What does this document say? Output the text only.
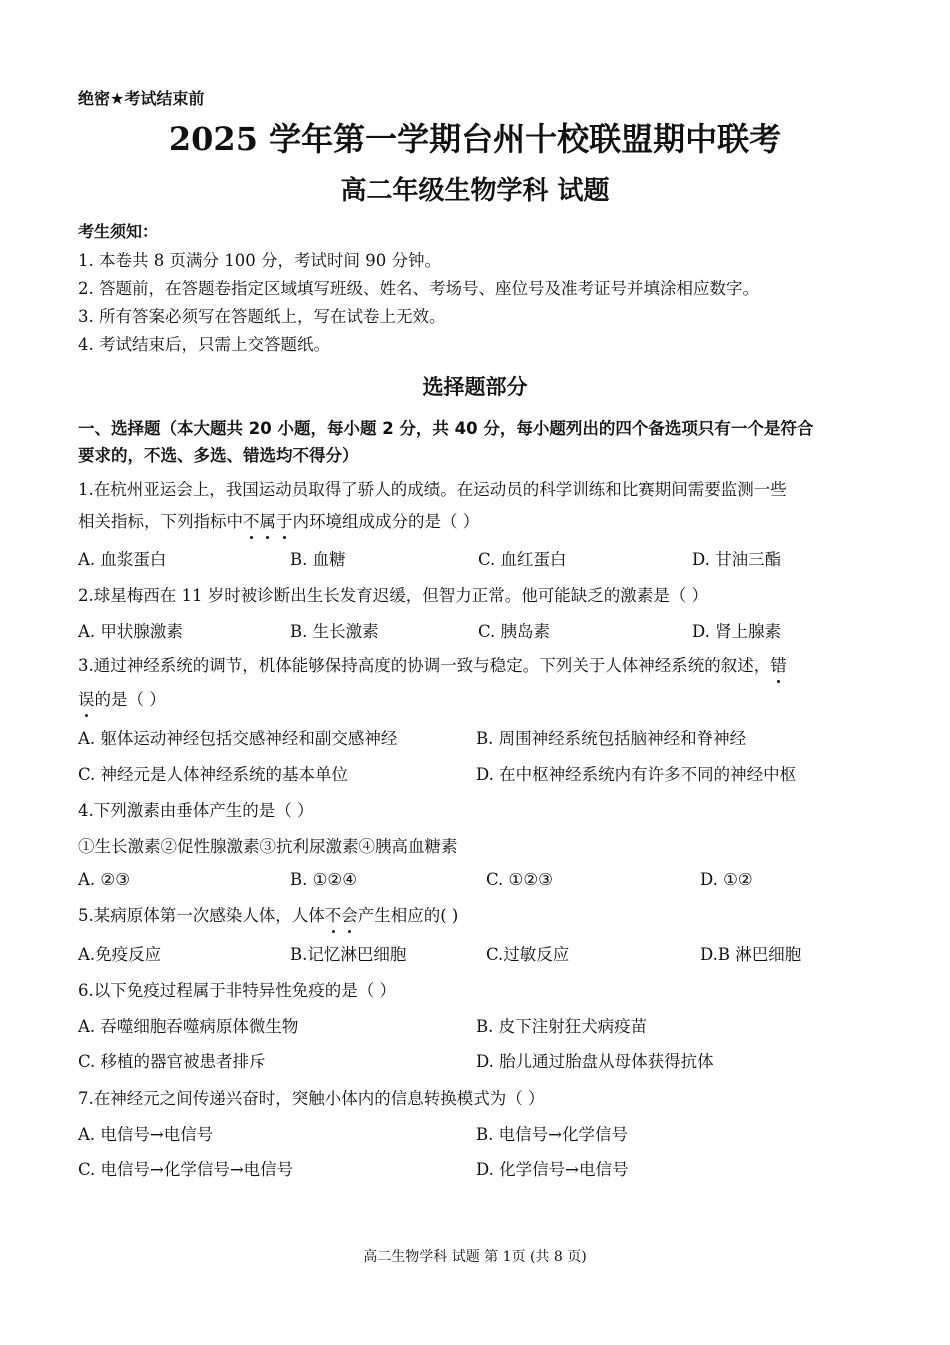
绝密★考试结束前
2025 学年第一学期台州十校联盟期中联考
高二年级生物学科 试题
考生须知：
1. 本卷共 8 页满分 100 分，考试时间 90 分钟。
2. 答题前，在答题卷指定区域填写班级、姓名、考场号、座位号及准考证号并填涂相应数字。
3. 所有答案必须写在答题纸上，写在试卷上无效。
4. 考试结束后，只需上交答题纸。
选择题部分
一、选择题（本大题共 20 小题，每小题 2 分，共 40 分，每小题列出的四个备选项只有一个是符合
要求的，不选、多选、错选均不得分）
1.在杭州亚运会上，我国运动员取得了骄人的成绩。在运动员的科学训练和比赛期间需要监测一些
相关指标，下列指标中不属于内环境组成成分的是（ ）
A. 血浆蛋白	B. 血糖	C. 血红蛋白	D. 甘油三酯
2.球星梅西在 11 岁时被诊断出生长发育迟缓，但智力正常。他可能缺乏的激素是（ ）
A. 甲状腺激素	B. 生长激素	C. 胰岛素	D. 肾上腺素
3.通过神经系统的调节，机体能够保持高度的协调一致与稳定。下列关于人体神经系统的叙述，错
误的是（ ）
A. 躯体运动神经包括交感神经和副交感神经	B. 周围神经系统包括脑神经和脊神经
C. 神经元是人体神经系统的基本单位	D. 在中枢神经系统内有许多不同的神经中枢
4.下列激素由垂体产生的是（ ）
①生长激素②促性腺激素③抗利尿激素④胰高血糖素
A. ②③	B. ①②④	C. ①②③	D. ①②
5.某病原体第一次感染人体，人体不会产生相应的( )
A.免疫反应	B.记忆淋巴细胞	C.过敏反应	D.B 淋巴细胞
6.以下免疫过程属于非特异性免疫的是（ ）
A. 吞噬细胞吞噬病原体微生物	B. 皮下注射狂犬病疫苗
C. 移植的器官被患者排斥	D. 胎儿通过胎盘从母体获得抗体
7.在神经元之间传递兴奋时，突触小体内的信息转换模式为（ ）
A. 电信号→电信号	B. 电信号→化学信号
C. 电信号→化学信号→电信号	D. 化学信号→电信号
高二生物学科 试题 第 1页 (共 8 页)
